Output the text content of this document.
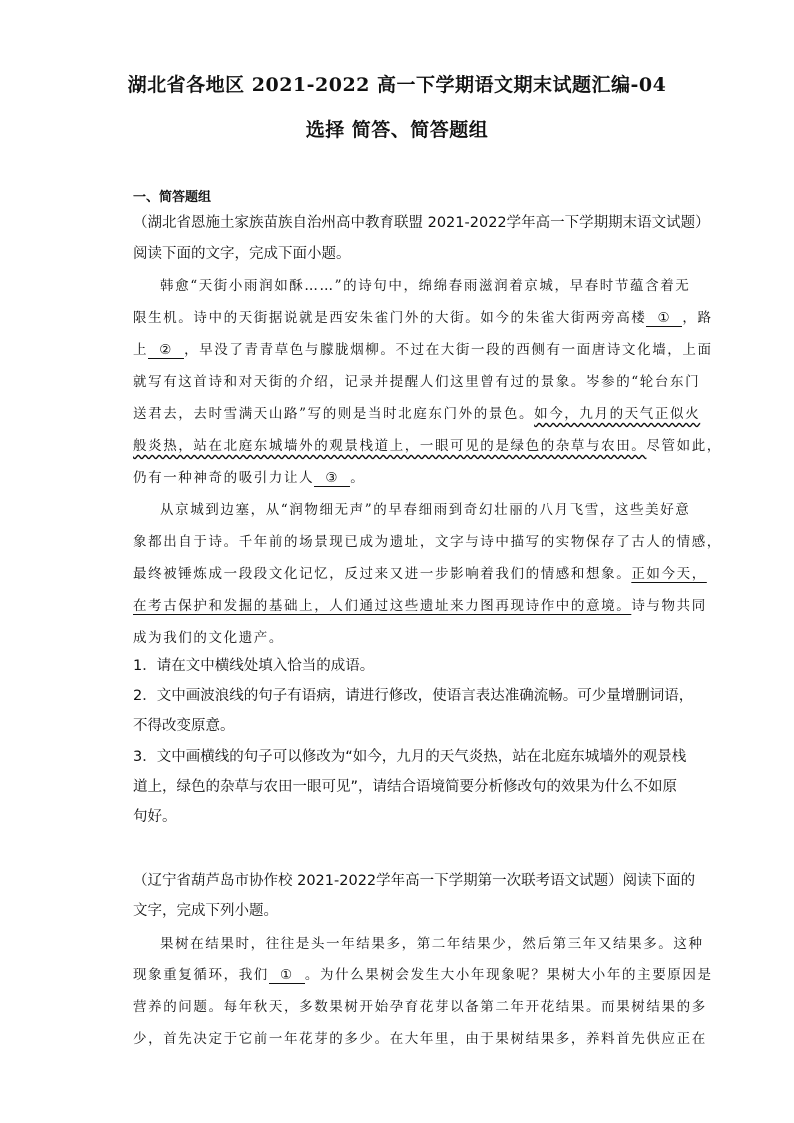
湖北省各地区 2021-2022 高一下学期语文期末试题汇编-04
选择 简答、简答题组
一、简答题组
（湖北省恩施土家族苗族自治州高中教育联盟 2021-2022学年高一下学期期末语文试题）
阅读下面的文字，完成下面小题。
韩愈“天街小雨润如酥……”的诗句中，绵绵春雨滋润着京城，早春时节蕴含着无
限生机。诗中的天街据说就是西安朱雀门外的大街。如今的朱雀大街两旁高楼 ① ，路
上 ② ，早没了青青草色与朦胧烟柳。不过在大街一段的西侧有一面唐诗文化墙，上面
就写有这首诗和对天街的介绍，记录并提醒人们这里曾有过的景象。岑参的“轮台东门
送君去，去时雪满天山路”写的则是当时北庭东门外的景色。如今，九月的天气正似火
般炎热，站在北庭东城墙外的观景栈道上，一眼可见的是绿色的杂草与农田。尽管如此，
仍有一种神奇的吸引力让人 ③ 。
从京城到边塞，从“润物细无声”的早春细雨到奇幻壮丽的八月飞雪，这些美好意
象都出自于诗。千年前的场景现已成为遗址，文字与诗中描写的实物保存了古人的情感，
最终被锤炼成一段段文化记忆，反过来又进一步影响着我们的情感和想象。正如今天，
在考古保护和发掘的基础上，人们通过这些遗址来力图再现诗作中的意境。诗与物共同
成为我们的文化遗产。
1．请在文中横线处填入恰当的成语。
2．文中画波浪线的句子有语病，请进行修改，使语言表达准确流畅。可少量增删词语，
不得改变原意。
3．文中画横线的句子可以修改为“如今，九月的天气炎热，站在北庭东城墙外的观景栈
道上，绿色的杂草与农田一眼可见”，请结合语境简要分析修改句的效果为什么不如原
句好。
（辽宁省葫芦岛市协作校 2021-2022学年高一下学期第一次联考语文试题）阅读下面的
文字，完成下列小题。
果树在结果时，往往是头一年结果多，第二年结果少，然后第三年又结果多。这种
现象重复循环，我们 ① 。为什么果树会发生大小年现象呢？果树大小年的主要原因是
营养的问题。每年秋天，多数果树开始孕育花芽以备第二年开花结果。而果树结果的多
少，首先决定于它前一年花芽的多少。在大年里，由于果树结果多，养料首先供应正在
